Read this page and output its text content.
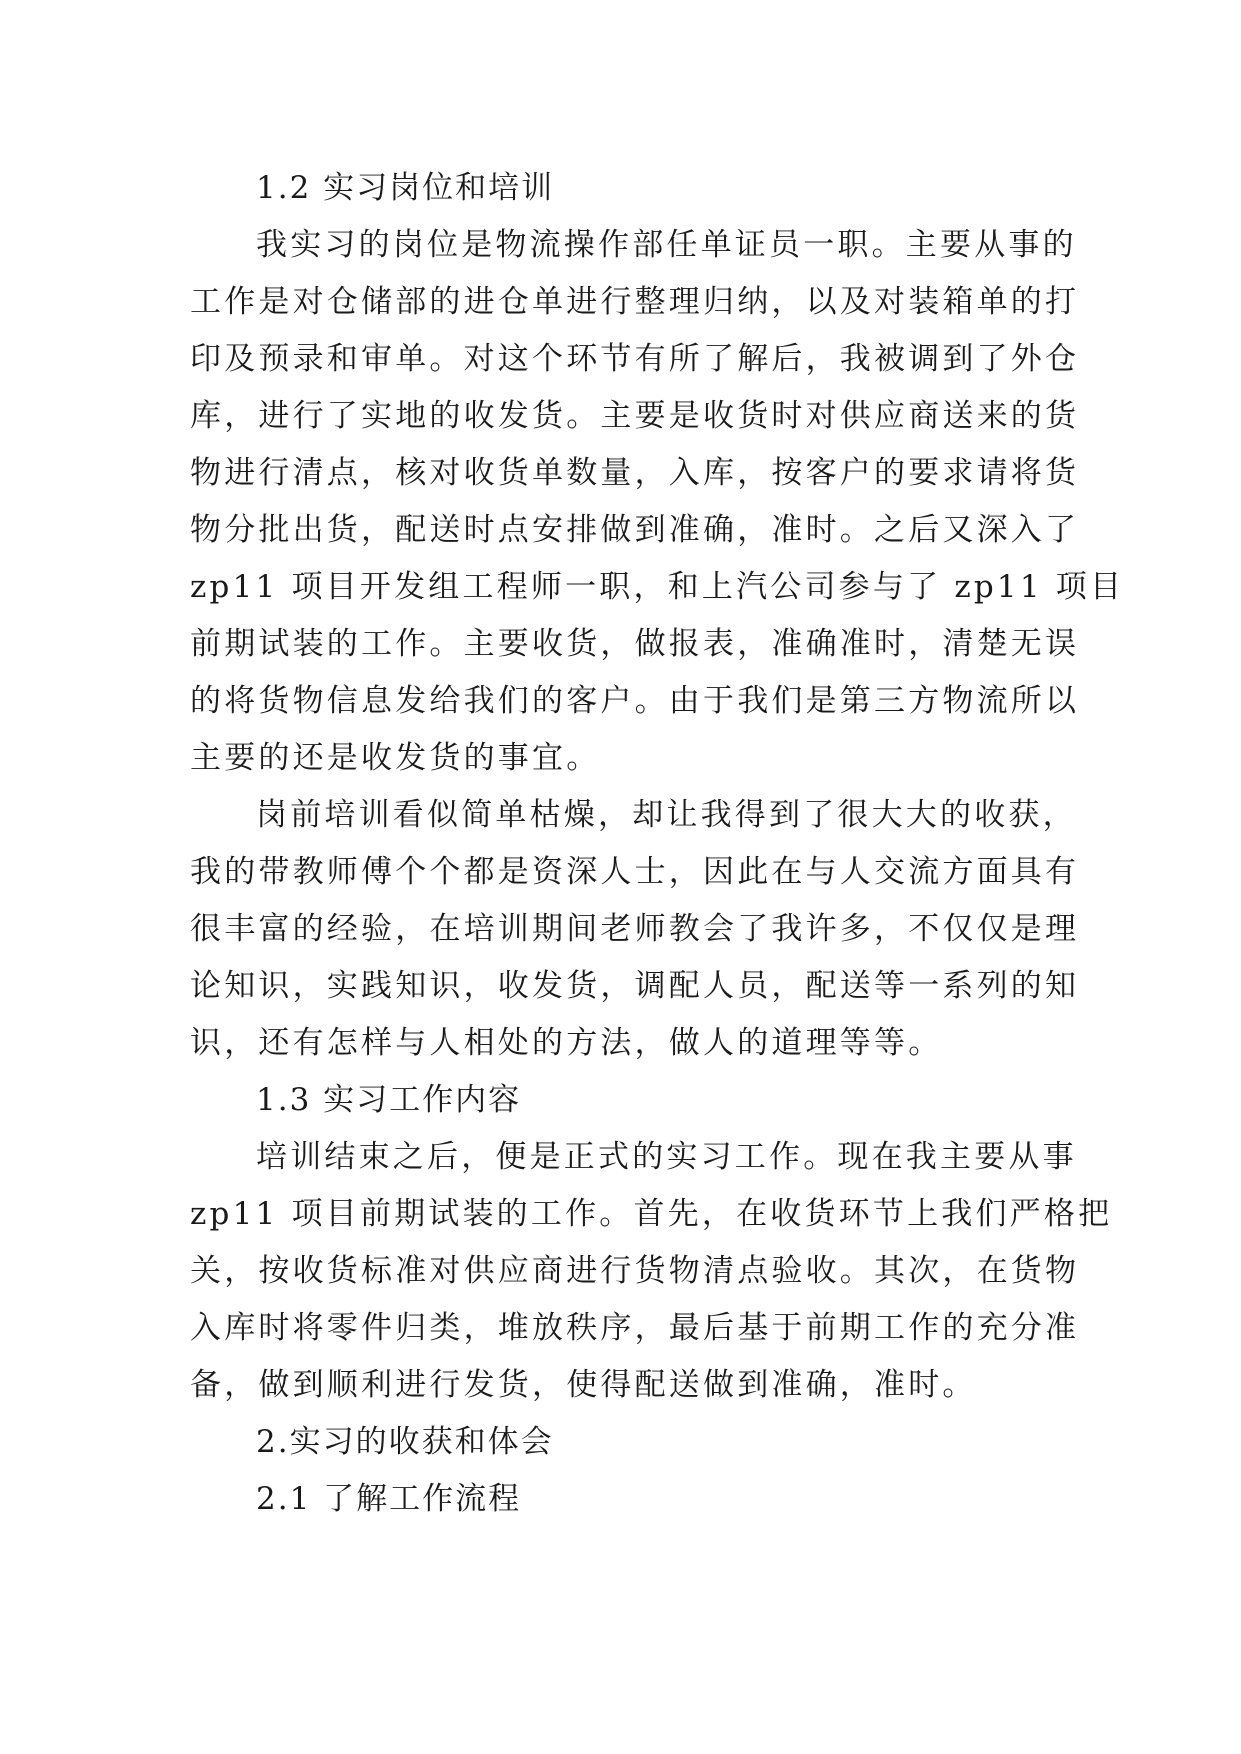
1.2 实习岗位和培训
我实习的岗位是物流操作部任单证员一职。主要从事的
工作是对仓储部的进仓单进行整理归纳，以及对装箱单的打
印及预录和审单。对这个环节有所了解后，我被调到了外仓
库，进行了实地的收发货。主要是收货时对供应商送来的货
物进行清点，核对收货单数量，入库，按客户的要求请将货
物分批出货，配送时点安排做到准确，准时。之后又深入了
zp11 项目开发组工程师一职，和上汽公司参与了 zp11 项目
前期试装的工作。主要收货，做报表，准确准时，清楚无误
的将货物信息发给我们的客户。由于我们是第三方物流所以
主要的还是收发货的事宜。
岗前培训看似简单枯燥，却让我得到了很大大的收获，
我的带教师傅个个都是资深人士，因此在与人交流方面具有
很丰富的经验，在培训期间老师教会了我许多，不仅仅是理
论知识，实践知识，收发货，调配人员，配送等一系列的知
识，还有怎样与人相处的方法，做人的道理等等。
1.3 实习工作内容
培训结束之后，便是正式的实习工作。现在我主要从事
zp11 项目前期试装的工作。首先，在收货环节上我们严格把
关，按收货标准对供应商进行货物清点验收。其次，在货物
入库时将零件归类，堆放秩序，最后基于前期工作的充分准
备，做到顺利进行发货，使得配送做到准确，准时。
2.实习的收获和体会
2.1 了解工作流程
